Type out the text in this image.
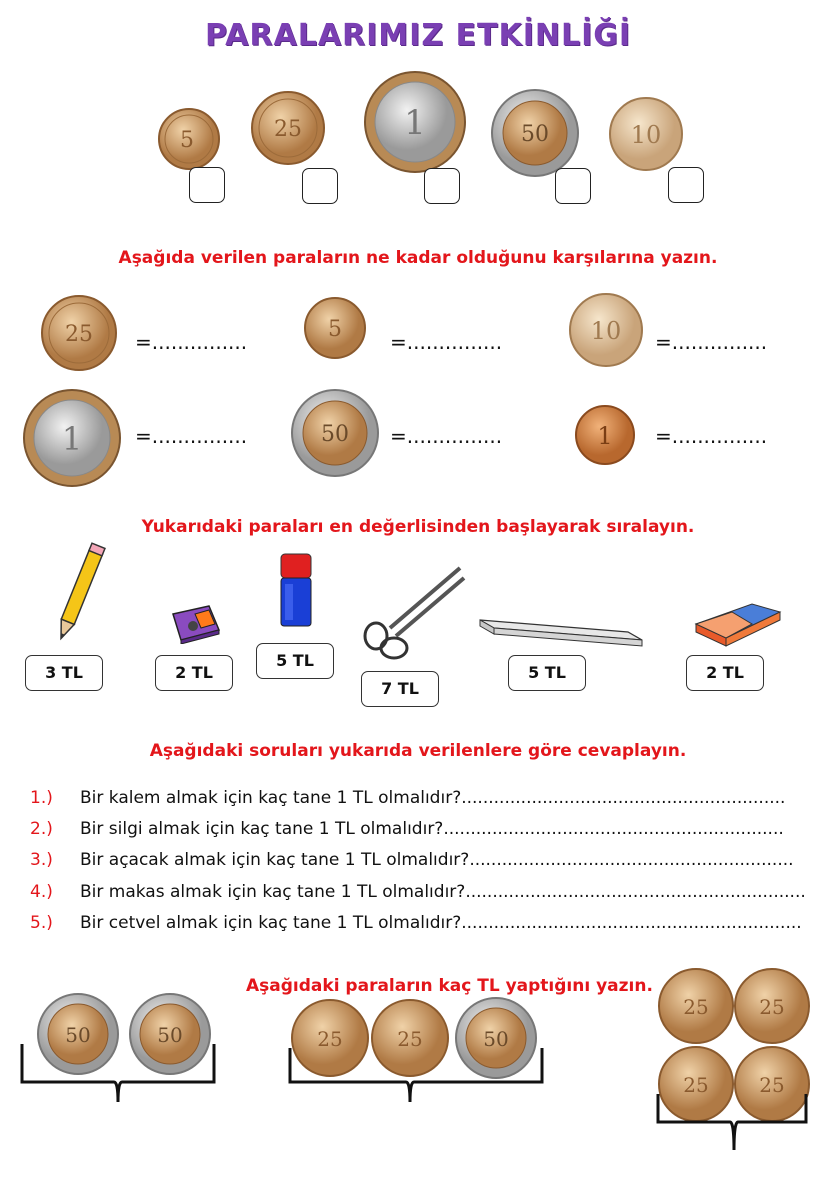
PARALARIMIZ ETKİNLİĞİ
5	25	1	50	10
Aşağıda verilen paraların ne kadar olduğunu karşılarına yazın.
25 =...............	5 =...............	10 =...............
1	=...............	50 =...............	1 =...............
Yukarıdaki paraları en değerlisinden başlayarak sıralayın.
3 TL	2 TL
5 TL
7 TL
5 TL	2 TL
Aşağıdaki soruları yukarıda verilenlere göre cevaplayın.
1.) Bir kalem almak için kaç tane 1 TL olmalıdır?............................................................
2.) Bir silgi almak için kaç tane 1 TL olmalıdır?...............................................................
3.) Bir açacak almak için kaç tane 1 TL olmalıdır?............................................................
4.) Bir makas almak için kaç tane 1 TL olmalıdır?...............................................................
5.) Bir cetvel almak için kaç tane 1 TL olmalıdır?...............................................................
Aşağıdaki paraların kaç TL yaptığını yazın.
50	50	25	25	50
25	25
25	25
